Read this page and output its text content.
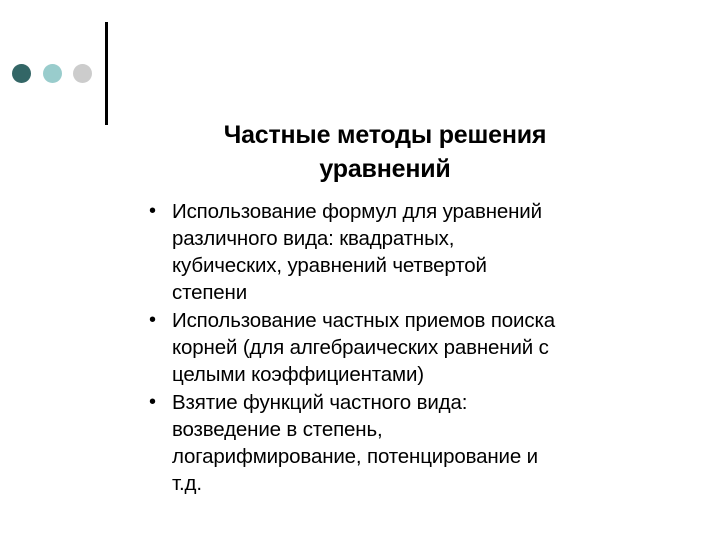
Частные методы решения
уравнений
• Использование формул для уравнений
различного вида: квадратных,
кубических, уравнений четвертой
степени
• Использование частных приемов поиска
корней (для алгебраических равнений с
целыми коэффициентами)
• Взятие функций частного вида:
возведение в степень,
логарифмирование, потенцирование и
т.д.
